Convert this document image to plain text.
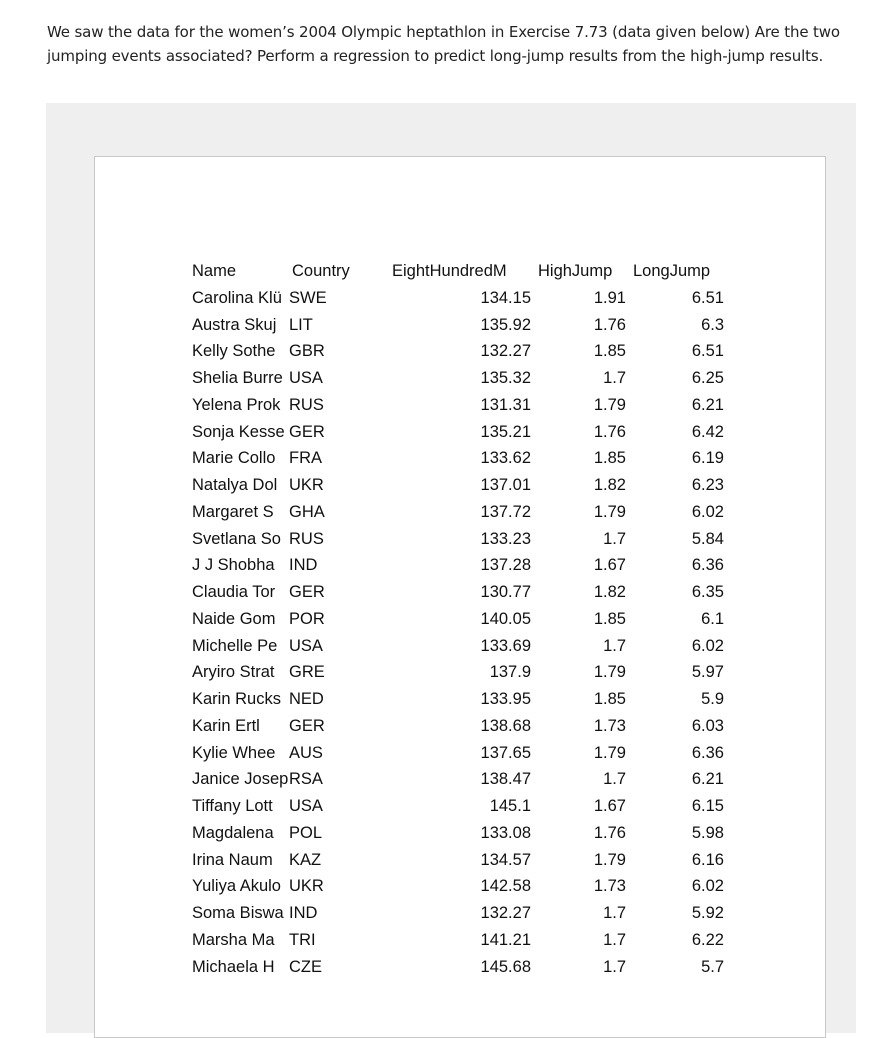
We saw the data for the women’s 2004 Olympic heptathlon in Exercise 7.73 (data given below) Are the two
jumping events associated? Perform a regression to predict long-jump results from the high-jump results.
Name	Country	EightHundredM HighJump LongJump
Carolina Klü SWE	134.15	1.91	6.51
Austra Skuj LIT	135.92	1.76	6.3
Kelly Sothe GBR	132.27	1.85	6.51
Shelia Burre USA	135.32	1.7	6.25
Yelena Prok RUS	131.31	1.79	6.21
Sonja Kesse GER	135.21	1.76	6.42
Marie Collo FRA	133.62	1.85	6.19
Natalya Dol UKR	137.01	1.82	6.23
Margaret S GHA	137.72	1.79	6.02
Svetlana So RUS	133.23	1.7	5.84
J J Shobha IND	137.28	1.67	6.36
Claudia Tor GER	130.77	1.82	6.35
Naide Gom POR	140.05	1.85	6.1
Michelle Pe USA	133.69	1.7	6.02
Aryiro Strat GRE	137.9	1.79	5.97
Karin Rucks NED	133.95	1.85	5.9
Karin Ertl	GER	138.68	1.73	6.03
Kylie Whee AUS	137.65	1.79	6.36
Janice Josep RSA	138.47	1.7	6.21
Tiffany Lott USA	145.1	1.67	6.15
Magdalena POL	133.08	1.76	5.98
Irina Naum KAZ	134.57	1.79	6.16
Yuliya Akulo UKR	142.58	1.73	6.02
Soma Biswa IND	132.27	1.7	5.92
Marsha Ma TRI	141.21	1.7	6.22
Michaela H CZE	145.68	1.7	5.7
